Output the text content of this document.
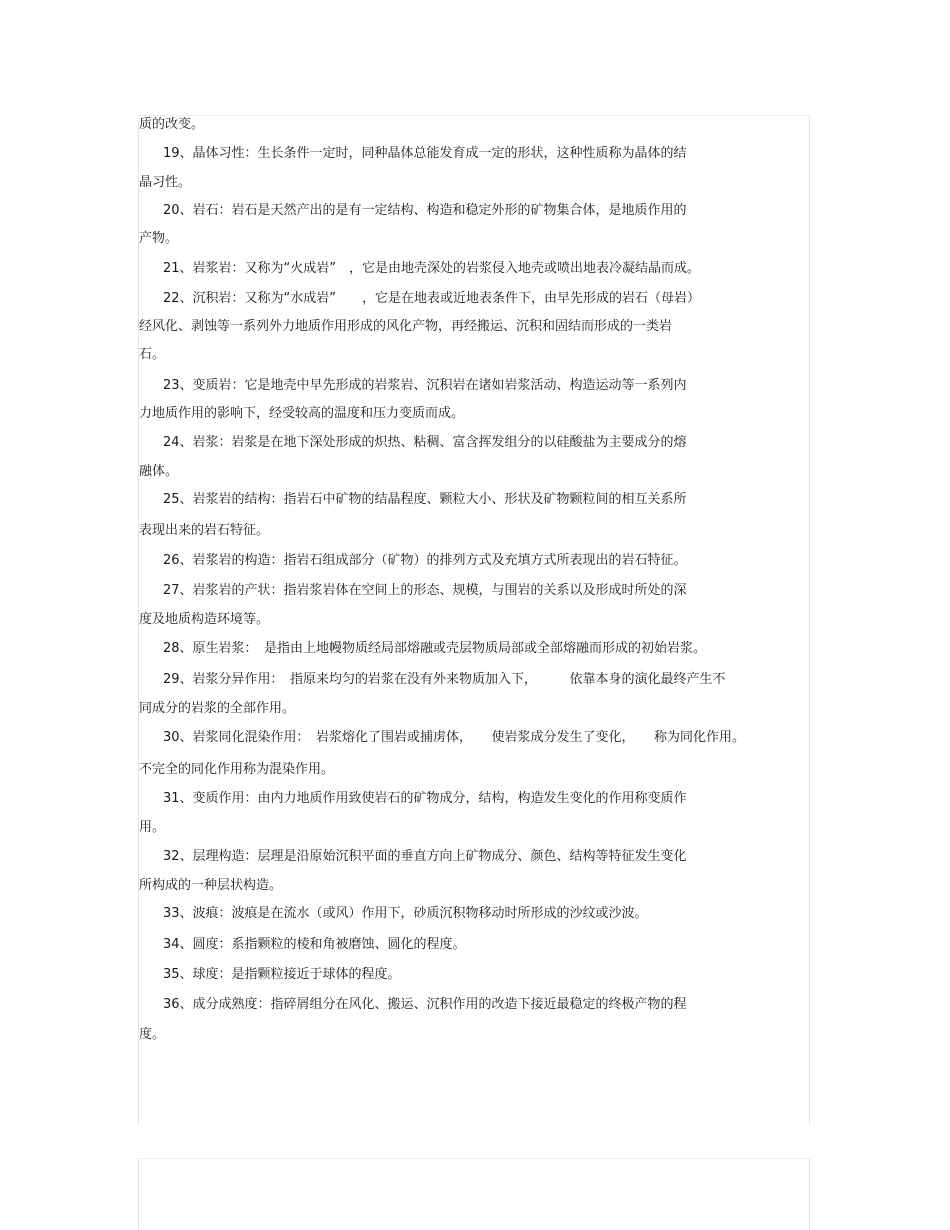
质的改变。
19、晶体习性：生长条件一定时，同种晶体总能发育成一定的形状，这种性质称为晶体的结
晶习性。
20、岩石：岩石是天然产出的是有一定结构、构造和稳定外形的矿物集合体，是地质作用的
产物。
21、岩浆岩：又称为“火成岩”　，它是由地壳深处的岩浆侵入地壳或喷出地表冷凝结晶而成。
22、沉积岩：又称为“水成岩”　　，它是在地表或近地表条件下，由早先形成的岩石（母岩）
经风化、剥蚀等一系列外力地质作用形成的风化产物，再经搬运、沉积和固结而形成的一类岩
石。
23、变质岩：它是地壳中早先形成的岩浆岩、沉积岩在诸如岩浆活动、构造运动等一系列内
力地质作用的影响下，经受较高的温度和压力变质而成。
24、岩浆：岩浆是在地下深处形成的炽热、粘稠、富含挥发组分的以硅酸盐为主要成分的熔
融体。
25、岩浆岩的结构：指岩石中矿物的结晶程度、颗粒大小、形状及矿物颗粒间的相互关系所
表现出来的岩石特征。
26、岩浆岩的构造：指岩石组成部分（矿物）的排列方式及充填方式所表现出的岩石特征。
27、岩浆岩的产状：指岩浆岩体在空间上的形态、规模，与围岩的关系以及形成时所处的深
度及地质构造环境等。
28、原生岩浆：　是指由上地幔物质经局部熔融或壳层物质局部或全部熔融而形成的初始岩浆。
29、岩浆分异作用：　指原来均匀的岩浆在没有外来物质加入下，　　　依靠本身的演化最终产生不
同成分的岩浆的全部作用。
30、岩浆同化混染作用：　岩浆熔化了围岩或捕虏体，　　使岩浆成分发生了变化，　　称为同化作用。
不完全的同化作用称为混染作用。
31、变质作用：由内力地质作用致使岩石的矿物成分，结构，构造发生变化的作用称变质作
用。
32、层理构造：层理是沿原始沉积平面的垂直方向上矿物成分、颜色、结构等特征发生变化
所构成的一种层状构造。
33、波痕：波痕是在流水（或风）作用下，砂质沉积物移动时所形成的沙纹或沙波。
34、圆度：系指颗粒的棱和角被磨蚀、圆化的程度。
35、球度：是指颗粒接近于球体的程度。
36、成分成熟度：指碎屑组分在风化、搬运、沉积作用的改造下接近最稳定的终极产物的程
度。
